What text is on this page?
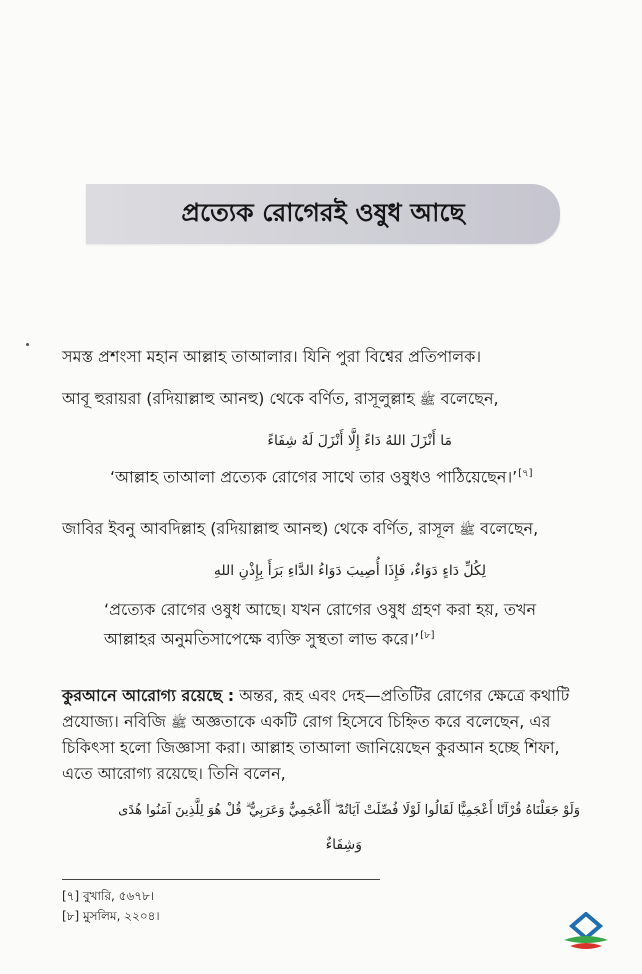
প্রত্যেক রোগেরই ওষুধ আছে
সমস্ত প্রশংসা মহান আল্লাহ তাআলার। যিনি পুরা বিশ্বের প্রতিপালক।
আবূ হুরায়রা (রদিয়াল্লাহু আনহু) থেকে বর্ণিত, রাসূলুল্লাহ ﷺ বলেছেন,
مَا أَنْزَلَ اللهُ دَاءً إِلَّا أَنْزَلَ لَهُ شِفَاءً
‘আল্লাহ তাআলা প্রত্যেক রোগের সাথে তার ওষুধও পাঠিয়েছেন।’[৭]
জাবির ইবনু আবদিল্লাহ (রদিয়াল্লাহু আনহু) থেকে বর্ণিত, রাসূল ﷺ বলেছেন,
لِكُلِّ دَاءٍ دَوَاءٌ، فَإِذَا أُصِيبَ دَوَاءُ الدَّاءِ بَرَأَ بِإِذْنِ اللهِ
‘প্রত্যেক রোগের ওষুধ আছে। যখন রোগের ওষুধ গ্রহণ করা হয়, তখন
আল্লাহর অনুমতিসাপেক্ষে ব্যক্তি সুস্থতা লাভ করে।’[৮]
কুরআনে আরোগ্য রয়েছে : অন্তর, রূহ এবং দেহ—প্রতিটির রোগের ক্ষেত্রে কথাটি
প্রযোজ্য। নবিজি ﷺ অজ্ঞতাকে একটি রোগ হিসেবে চিহ্নিত করে বলেছেন, এর
চিকিৎসা হলো জিজ্ঞাসা করা। আল্লাহ তাআলা জানিয়েছেন কুরআন হচ্ছে শিফা,
এতে আরোগ্য রয়েছে। তিনি বলেন,
وَلَوْ جَعَلْنَاهُ قُرْآنًا أَعْجَمِيًّا لَقَالُوا لَوْلَا فُصِّلَتْ آيَاتُهُ ۖ أَأَعْجَمِيٌّ وَعَرَبِيٌّ ۗ قُلْ هُوَ لِلَّذِينَ آمَنُوا هُدًى
وَشِفَاءٌ
[৭] বুখারি, ৫৬৭৮।
[৮] মুসলিম, ২২০৪।
